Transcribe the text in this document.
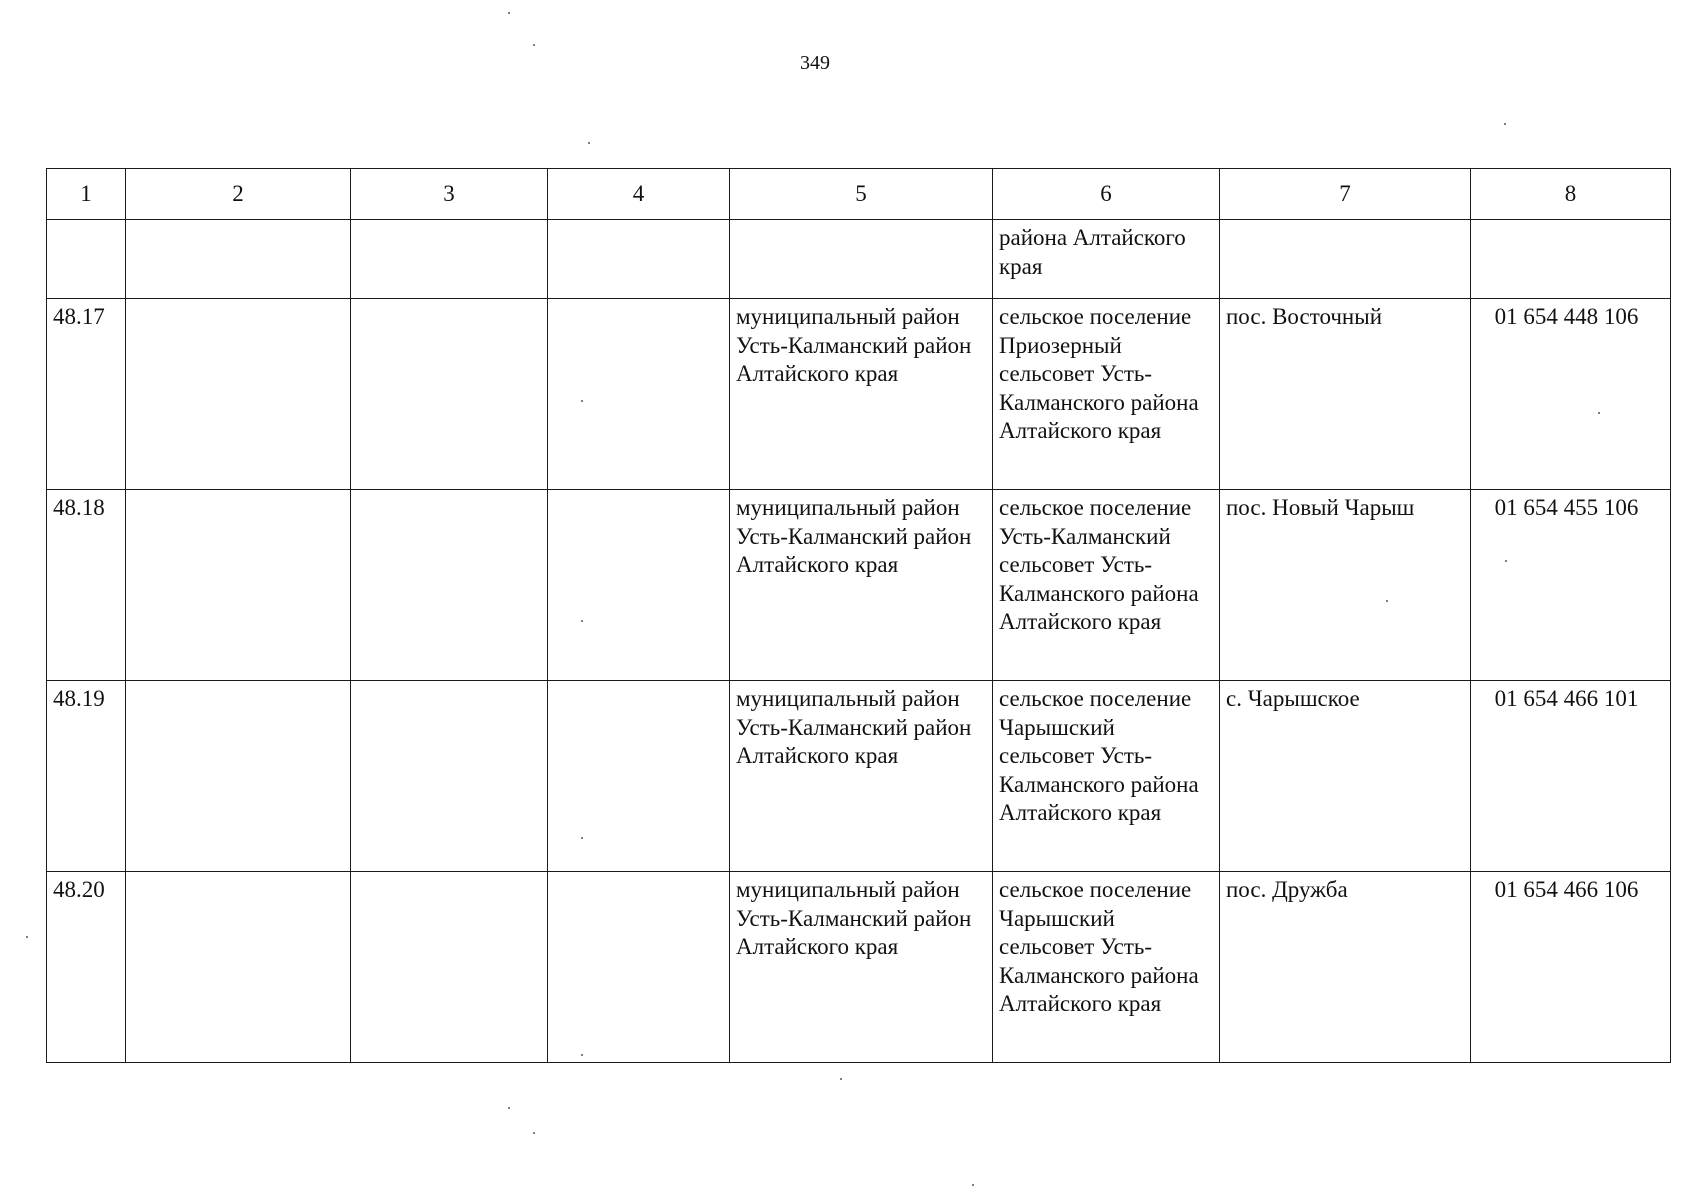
349
1	2	3	4	5	6	7	8
					района Алтайского края		
48.17				муниципальный район Усть-Калманский район Алтайского края	сельское поселение Приозерный сельсовет Усть-Калманского района Алтайского края	пос. Восточный	01 654 448 106
48.18				муниципальный район Усть-Калманский район Алтайского края	сельское поселение Усть-Калманский сельсовет Усть-Калманского района Алтайского края	пос. Новый Чарыш	01 654 455 106
48.19				муниципальный район Усть-Калманский район Алтайского края	сельское поселение Чарышский сельсовет Усть-Калманского района Алтайского края	с. Чарышское	01 654 466 101
48.20				муниципальный район Усть-Калманский район Алтайского края	сельское поселение Чарышский сельсовет Усть-Калманского района Алтайского края	пос. Дружба	01 654 466 106
